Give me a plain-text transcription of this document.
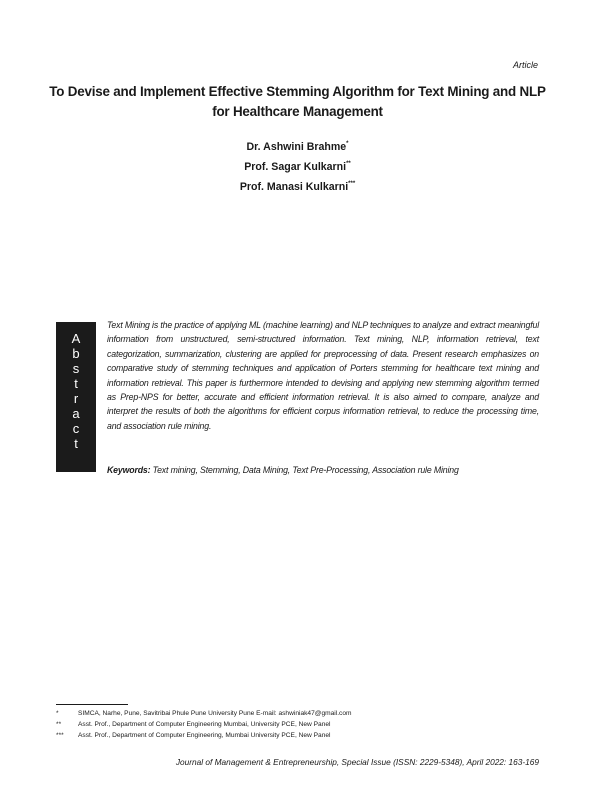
Article
To Devise and Implement Effective Stemming Algorithm for Text Mining and NLP for Healthcare Management
Dr. Ashwini Brahme*
Prof. Sagar Kulkarni**
Prof. Manasi Kulkarni***
A
b
s
t
r
a
c
t

Text Mining is the practice of applying ML (machine learning) and NLP techniques to analyze and extract meaningful information from unstructured, semi-structured information. Text mining, NLP, information retrieval, text categorization, summarization, clustering are applied for preprocessing of data. Present research emphasizes on comparative study of stemming techniques and application of Porters stemming for healthcare text mining and information retrieval. This paper is furthermore intended to devising and applying new stemming algorithm termed as Prep-NPS for better, accurate and efficient information retrieval. It is also aimed to compare, analyze and interpret the results of both the algorithms for efficient corpus information retrieval, to reduce the processing time, and association rule mining.

Keywords: Text mining, Stemming, Data Mining, Text Pre-Processing, Association rule Mining
*	SIMCA, Narhe, Pune, Savitribai Phule Pune University Pune E-mail: ashwiniak47@gmail.com
**	Asst. Prof., Department of Computer Engineering Mumbai, University PCE, New Panel
***	Asst. Prof., Department of Computer Engineering, Mumbai University PCE, New Panel
Journal of Management & Entrepreneurship, Special Issue (ISSN: 2229-5348), April 2022: 163-169
